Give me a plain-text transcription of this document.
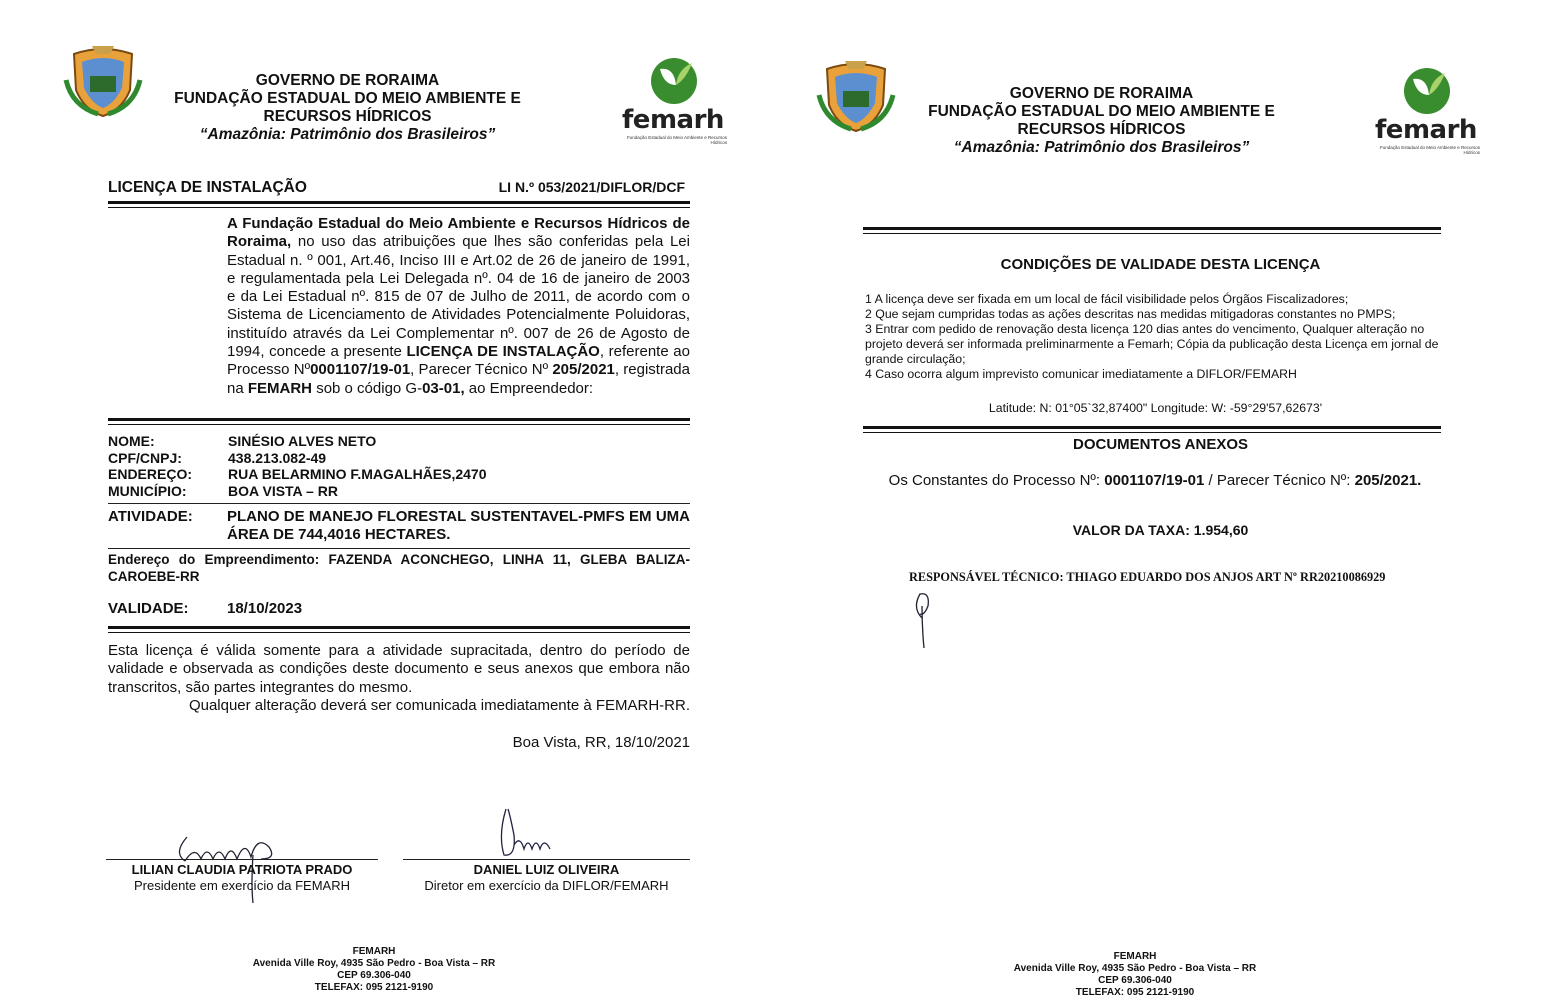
GOVERNO DE RORAIMA
FUNDAÇÃO ESTADUAL DO MEIO AMBIENTE E
RECURSOS HÍDRICOS
“Amazônia: Patrimônio dos Brasileiros”	femarh
Fundação Estadual do Meio Ambiente e Recursos Hídricos
LICENÇA DE INSTALAÇÃO	LI N.º 053/2021/DIFLOR/DCF
A Fundação Estadual do Meio Ambiente e Recursos Hídricos de Roraima, no uso das atribuições que lhes são conferidas pela Lei Estadual n. º 001, Art.46, Inciso III e Art.02 de 26 de janeiro de 1991, e regulamentada pela Lei Delegada nº. 04 de 16 de janeiro de 2003 e da Lei Estadual nº. 815 de 07 de Julho de 2011, de acordo com o Sistema de Licenciamento de Atividades Potencialmente Poluidoras, instituído através da Lei Complementar nº. 007 de 26 de Agosto de 1994, concede a presente LICENÇA DE INSTALAÇÃO, referente ao Processo Nº0001107/19-01, Parecer Técnico Nº 205/2021, registrada na FEMARH sob o código G-03-01, ao Empreendedor:
NOME:	SINÉSIO ALVES NETO
CPF/CNPJ:	438.213.082-49
ENDEREÇO:	RUA BELARMINO F.MAGALHÃES,2470
MUNICÍPIO:	BOA VISTA – RR
ATIVIDADE: PLANO DE MANEJO FLORESTAL SUSTENTAVEL-PMFS EM UMA ÁREA DE 744,4016 HECTARES.
Endereço do Empreendimento: FAZENDA ACONCHEGO, LINHA 11, GLEBA BALIZA-CAROEBE-RR
VALIDADE:	18/10/2023
Esta licença é válida somente para a atividade supracitada, dentro do período de validade e observada as condições deste documento e seus anexos que embora não transcritos, são partes integrantes do mesmo.
Qualquer alteração deverá ser comunicada imediatamente à FEMARH-RR.
Boa Vista, RR, 18/10/2021
LILIAN CLAUDIA PATRIOTA PRADO
Presidente em exercício da FEMARH
DANIEL LUIZ OLIVEIRA
Diretor em exercício da DIFLOR/FEMARH
FEMARH
Avenida Ville Roy, 4935 São Pedro - Boa Vista – RR
CEP 69.306-040
TELEFAX: 095 2121-9190
GOVERNO DE RORAIMA
FUNDAÇÃO ESTADUAL DO MEIO AMBIENTE E
RECURSOS HÍDRICOS
“Amazônia: Patrimônio dos Brasileiros”
femarh
Fundação Estadual do Meio Ambiente e Recursos Hídricos
CONDIÇÕES DE VALIDADE DESTA LICENÇA
1 A licença deve ser fixada em um local de fácil visibilidade pelos Órgãos Fiscalizadores;
2 Que sejam cumpridas todas as ações descritas nas medidas mitigadoras constantes no PMPS;
3 Entrar com pedido de renovação desta licença 120 dias antes do vencimento, Qualquer alteração no projeto deverá ser informada preliminarmente a Femarh; Cópia da publicação desta Licença em jornal de grande circulação;
4 Caso ocorra algum imprevisto comunicar imediatamente a DIFLOR/FEMARH
Latitude: N: 01°05`32,87400" Longitude: W: -59°29'57,62673'
DOCUMENTOS ANEXOS
Os Constantes do Processo Nº: 0001107/19-01 / Parecer Técnico Nº: 205/2021.
VALOR DA TAXA: 1.954,60
RESPONSÁVEL TÉCNICO: THIAGO EDUARDO DOS ANJOS ART Nº RR20210086929
FEMARH
Avenida Ville Roy, 4935 São Pedro - Boa Vista – RR
CEP 69.306-040
TELEFAX: 095 2121-9190
